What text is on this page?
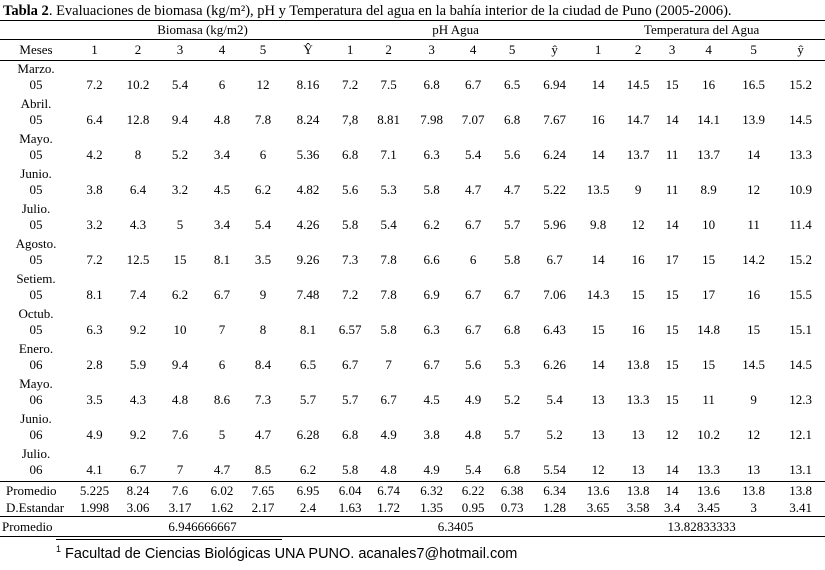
Tabla 2. Evaluaciones de biomasa (kg/m²), pH y Temperatura del agua en la bahía interior de la ciudad de Puno (2005-2006).
	Biomasa (kg/m2)						pH Agua						Temperatura del Agua					
Meses	1	2	3	4	5	Ŷ	1	2	3	4	5	ŷ	1	2	3	4	5	ŷ

Marzo.
05	7.2	10.2	5.4	6	12	8.16	7.2	7.5	6.8	6.7	6.5	6.94	14	14.5	15	16	16.5	15.2

Abril.
05	6.4	12.8	9.4	4.8	7.8	8.24	7,8	8.81	7.98	7.07	6.8	7.67	16	14.7	14	14.1	13.9	14.5

Mayo.
05	4.2	8	5.2	3.4	6	5.36	6.8	7.1	6.3	5.4	5.6	6.24	14	13.7	11	13.7	14	13.3

Junio.
05	3.8	6.4	3.2	4.5	6.2	4.82	5.6	5.3	5.8	4.7	4.7	5.22	13.5	9	11	8.9	12	10.9

Julio.
05	3.2	4.3	5	3.4	5.4	4.26	5.8	5.4	6.2	6.7	5.7	5.96	9.8	12	14	10	11	11.4

Agosto.
05	7.2	12.5	15	8.1	3.5	9.26	7.3	7.8	6.6	6	5.8	6.7	14	16	17	15	14.2	15.2

Setiem.
05	8.1	7.4	6.2	6.7	9	7.48	7.2	7.8	6.9	6.7	6.7	7.06	14.3	15	15	17	16	15.5

Octub.
05	6.3	9.2	10	7	8	8.1	6.57	5.8	6.3	6.7	6.8	6.43	15	16	15	14.8	15	15.1

Enero.
06	2.8	5.9	9.4	6	8.4	6.5	6.7	7	6.7	5.6	5.3	6.26	14	13.8	15	15	14.5	14.5

Mayo.
06	3.5	4.3	4.8	8.6	7.3	5.7	5.7	6.7	4.5	4.9	5.2	5.4	13	13.3	15	11	9	12.3

Junio.
06	4.9	9.2	7.6	5	4.7	6.28	6.8	4.9	3.8	4.8	5.7	5.2	13	13	12	10.2	12	12.1

Julio.
06	4.1	6.7	7	4.7	8.5	6.2	5.8	4.8	4.9	5.4	6.8	5.54	12	13	14	13.3	13	13.1
Promedio	5.225	8.24	7.6	6.02	7.65	6.95	6.04	6.74	6.32	6.22	6.38	6.34	13.6	13.8	14	13.6	13.8	13.8
D.Estandar	1.998	3.06	3.17	1.62	2.17	2.4	1.63	1.72	1.35	0.95	0.73	1.28	3.65	3.58	3.4	3.45	3	3.41
Promedio	6.946666667						6.3405						13.82833333					
$^1$ Facultad de Ciencias Biológicas UNA PUNO. acanales7@hotmail.com
